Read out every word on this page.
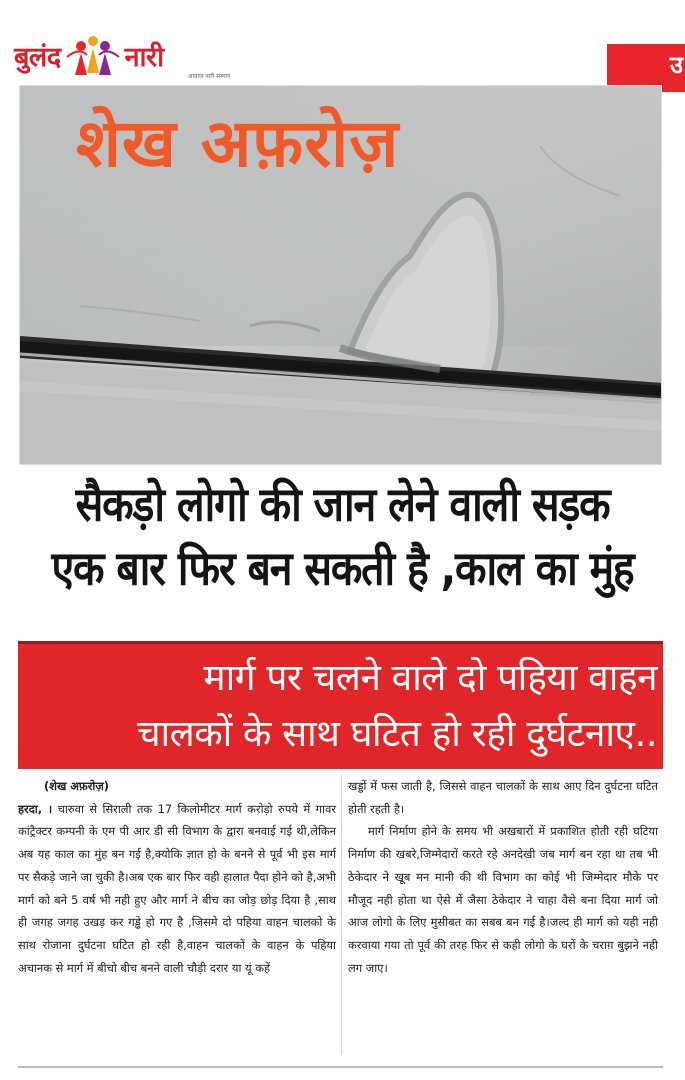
बुलंद नारी
आवाज नारी सम्मान	उ
शेख अफ़रोज़
सैकड़ो लोगो की जान लेने वाली सड़क
एक बार फिर बन सकती है ,काल का मुंह
मार्ग पर चलने वाले दो पहिया वाहन
चालकों के साथ घटित हो रही दुर्घटनाए..

(शेख अफ़रोज़)

हरदा, । चारुवा से सिराली तक 17 किलोमीटर मार्ग करोड़ो रुपये में गावर कांट्रैक्टर कम्पनी के एम पी आर डी सी विभाग के द्वारा बनवाई गई थी,लेकिन अब यह काल का मुंह बन गई है,क्योकि ज्ञात हो के बनने से पूर्व भी इस मार्ग पर सैकड़े जाने जा चुकी है।अब एक बार फिर वही हालात पैदा होने को है,अभी मार्ग को बने 5 वर्ष भी नही हुए और मार्ग ने बीच का जोड़ छोड़ दिया है ,साथ ही जगह जगह उखड़ कर गड्ढे हो गए है ,जिसमे दो पहिया वाहन चालको के साथ रोजाना दुर्घटना घटित हो रही है,वाहन चालकों के वाहन के पहिया अचानक से मार्ग में बीचो बीच बनने वाली चौड़ी दरार या यूं कहें

खड्डों में फस जाती है, जिससे वाहन चालकों के साथ आए दिन दुर्घटना घटित होती रहती है।

मार्ग निर्माण होने के समय भी अखबारों में प्रकाशित होती रही घटिया निर्माण की खबरे,जिम्मेदारों करते रहे अनदेखी जब मार्ग बन रहा था तब भी ठेकेदार ने खूब मन मानी की थी विभाग का कोई भी जिम्मेदार मौके पर मौजूद नही होता था ऐसे में जैसा ठेकेदार ने चाहा वैसे बना दिया मार्ग जो आज लोगो के लिए मुसीबत का सबब बन गई है।जल्द ही मार्ग को यही नही करवाया गया तो पूर्व की तरह फिर से कही लोगो के घरों के चराग़ बुझने नही लग जाए।
